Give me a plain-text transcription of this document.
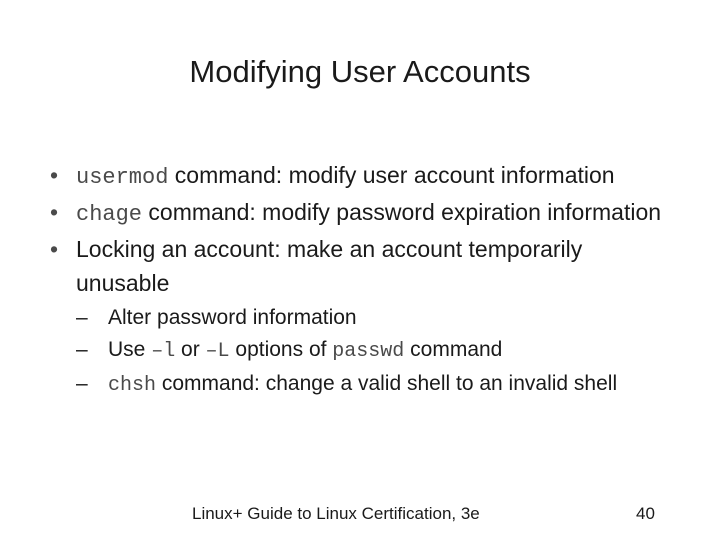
Modifying User Accounts
• usermod command: modify user account information
• chage command: modify password expiration information
• Locking an account: make an account temporarily unusable
– Alter password information
– Use –l or –L options of passwd command
–	chsh command: change a valid shell to an invalid shell
Linux+ Guide to Linux Certification, 3e	40
